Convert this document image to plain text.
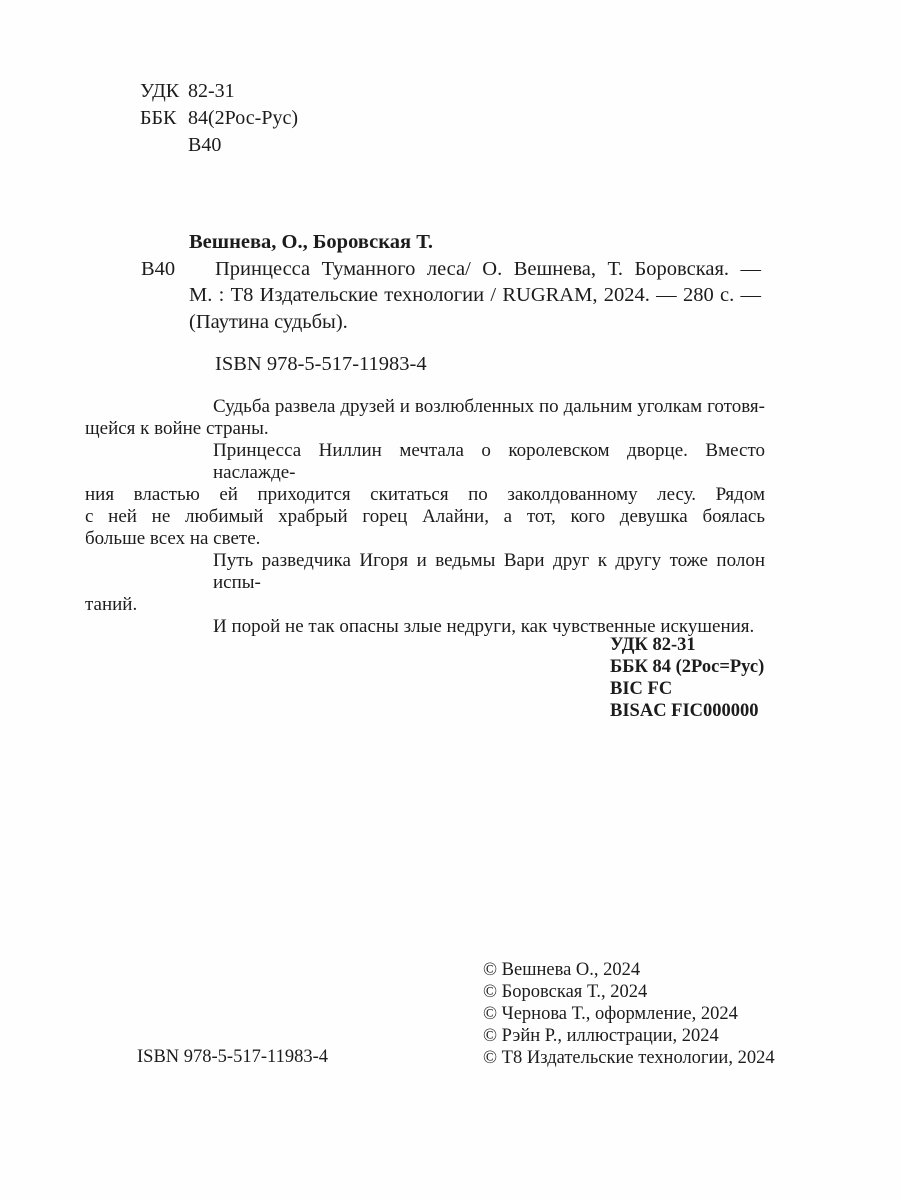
УДК 82-31
ББК 84(2Рос-Рус)
В40
Вешнева, О., Боровская Т.
В40	Принцесса Туманного леса/ О. Вешнева, Т. Боровская. —
М. : Т8 Издательские технологии / RUGRAM, 2024. — 280 с. —
(Паутина судьбы).
ISBN 978-5-517-11983-4
Судьба развела друзей и возлюбленных по дальним уголкам готовя-
щейся к войне страны.
Принцесса Ниллин мечтала о королевском дворце. Вместо наслажде-
ния властью ей приходится скитаться по заколдованному лесу. Рядом
с ней не любимый храбрый горец Алайни, а тот, кого девушка боялась
больше всех на свете.
Путь разведчика Игоря и ведьмы Вари друг к другу тоже полон испы-
таний.
И порой не так опасны злые недруги, как чувственные искушения.
УДК 82-31
ББК 84 (2Рос=Рус)
BIC FC
BISAC FIC000000
© Вешнева О., 2024
© Боровская Т., 2024
© Чернова Т., оформление, 2024
© Рэйн Р., иллюстрации, 2024
© Т8 Издательские технологии, 2024
ISBN 978-5-517-11983-4
